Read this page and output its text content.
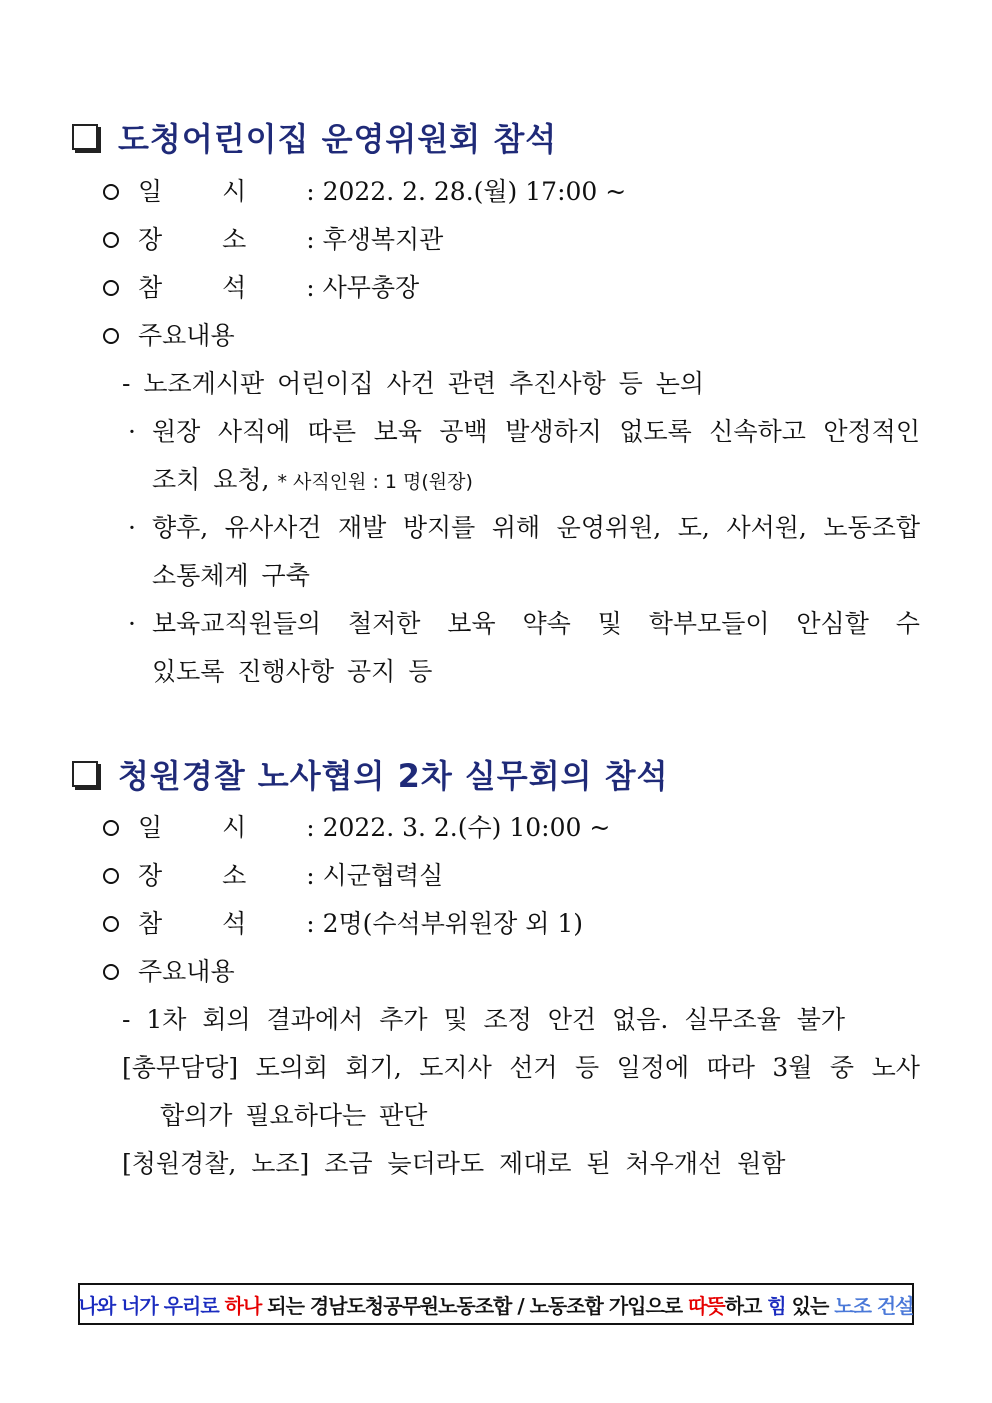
도청어린이집 운영위원회 참석
일 시 : 2022. 2. 28.(월) 17:00 ~
장 소 : 후생복지관
참 석 : 사무총장
주요내용
- 노조게시판 어린이집 사건 관련 추진사항 등 논의
· 원장 사직에 따른 보육 공백 발생하지 없도록 신속하고 안정적인
조치 요청, * 사직인원 : 1 명(원장)
· 향후, 유사사건 재발 방지를 위해 운영위원, 도, 사서원, 노동조합
소통체계 구축
· 보육교직원들의 철저한 보육 약속 및 학부모들이 안심할 수
있도록 진행사항 공지 등
청원경찰 노사협의 2차 실무회의 참석
일 시 : 2022. 3. 2.(수) 10:00 ~
장 소 : 시군협력실
참 석 : 2명(수석부위원장 외 1)
주요내용
- 1차 회의 결과에서 추가 및 조정 안건 없음. 실무조율 불가
[총무담당] 도의회 회기, 도지사 선거 등 일정에 따라 3월 중 노사
합의가 필요하다는 판단
[청원경찰, 노조] 조금 늦더라도 제대로 된 처우개선 원함
나와 너가 우리로 하나 되는 경남도청공무원노동조합 / 노동조합 가입으로 따뜻 하고 힘 있는 노조 건설
